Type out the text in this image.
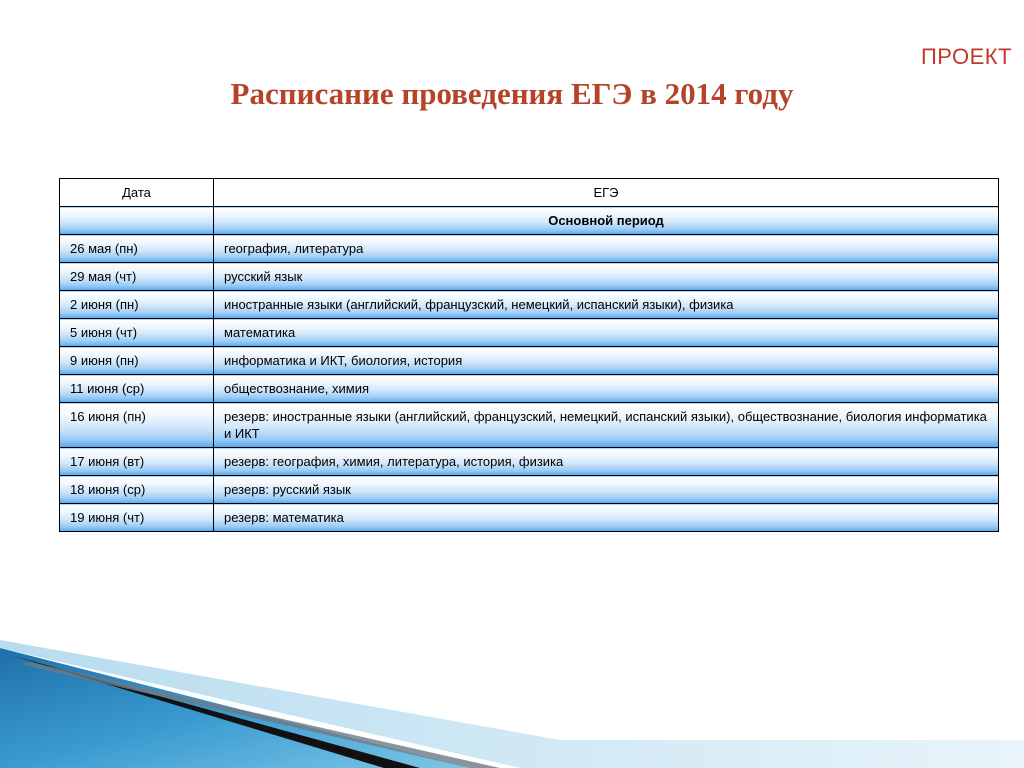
ПРОЕКТ
Расписание проведения ЕГЭ в 2014 году
Дата	ЕГЭ
	Основной период
26 мая (пн)	география, литература
29 мая (чт)	русский язык
2 июня (пн)	иностранные языки (английский, французский, немецкий, испанский языки), физика
5 июня (чт)	математика
9 июня (пн)	информатика и ИКТ, биология, история
11 июня (ср)	обществознание, химия
16 июня (пн)	резерв: иностранные языки (английский, французский, немецкий, испанский языки), обществознание, биология информатика и ИКТ
17 июня (вт)	резерв: география, химия, литература, история, физика
18 июня (ср)	резерв: русский язык
19 июня (чт)	резерв: математика
